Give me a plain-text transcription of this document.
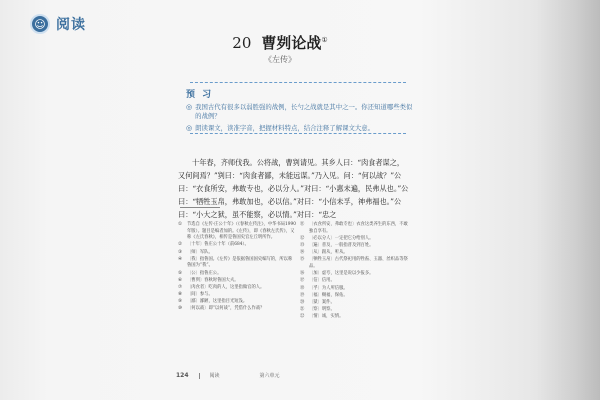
☺ 阅读
20 曹刿论战①
《左传》
预 习
◎ 我国古代有很多以弱胜强的战例，长勺之战就是其中之一。你还知道哪些类似的战例？
◎ 朗读课文，读准字音，把握材料特点，结合注释了解课文大意。
十年春，齐师伐我。公将战，曹刿请见。其乡人曰：“肉食者谋之，又何间焉？”刿曰：“肉食者鄙，未能远谋。”乃入见。问：“何以战？”公曰：“衣食所安，弗敢专也，必以分人。”对曰：“小惠未遍，民弗从也。”公曰：“牺牲玉帛，弗敢加也，必以信。”对曰：“小信未孚，神弗福也。”公曰：“小大之狱，虽不能察，必以情。”对曰：“忠之
①	节选自《左传·庄公十年》（《春秋左传注》，中华书局1990年版）。题目是编者加的。《左传》，即《春秋左氏传》，又称《左氏春秋》，相传是鲁国史官左丘明所作。
②	〔十年〕鲁庄公十年（前684）。
③	〔师〕军队。
④	〔我〕指鲁国。《左传》是依据鲁国国史编写的，所以称鲁国为“我”。
⑤	〔公〕指鲁庄公。
⑥	〔曹刿〕春秋时鲁国大夫。
⑦	〔肉食者〕吃肉的人，这里指做官的人。
⑧	〔间〕参与。
⑨	〔鄙〕鄙陋，这里指目光短浅。
⑩	〔何以战〕即“以何战”，凭借什么作战？
⑪	〔衣食所安，弗敢专也〕衣食这类养生的东西，不敢独自享有。
⑫	〔必以分人〕一定把它分给别人。
⑬	〔遍〕普及，一般指普及到百姓。
⑭	〔从〕跟从，听从。
⑮	〔牺牲玉帛〕古代祭祀用的牲畜、玉器、丝织品等祭品。
⑯	〔加〕虚夸，这里是说以少报多。
⑰	〔信〕信用。
⑱	〔孚〕为人所信服。
⑲	〔福〕赐福，保佑。
⑳	〔狱〕案件。
㉑	〔察〕明察。
㉒	〔情〕诚，实情。
124	阅读	第六单元
